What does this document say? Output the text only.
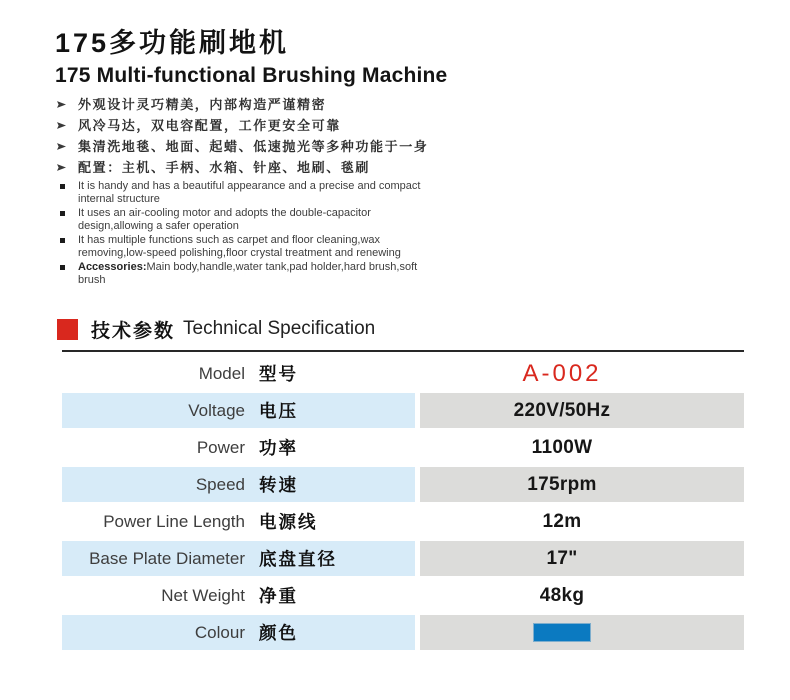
175多功能刷地机
175 Multi-functional Brushing Machine
外观设计灵巧精美，内部构造严谨精密
风冷马达，双电容配置，工作更安全可靠
集清洗地毯、地面、起蜡、低速抛光等多种功能于一身
配置：主机、手柄、水箱、针座、地刷、毯刷
It is handy and has a beautiful appearance and a precise and compact internal structure
It uses an air-cooling motor and adopts the double-capacitor design,allowing a safer operation
It has multiple functions such as carpet and floor cleaning,wax removing,low-speed polishing,floor crystal treatment and renewing
Accessories:Main body,handle,water tank,pad holder,hard brush,soft brush
技术参数 Technical Specification
Model 型号	A-002
Voltage 电压	220V/50Hz
Power 功率	1100W
Speed 转速	175rpm
Power Line Length 电源线	12m
Base Plate Diameter 底盘直径	17"
Net Weight 净重	48kg
Colour 颜色
